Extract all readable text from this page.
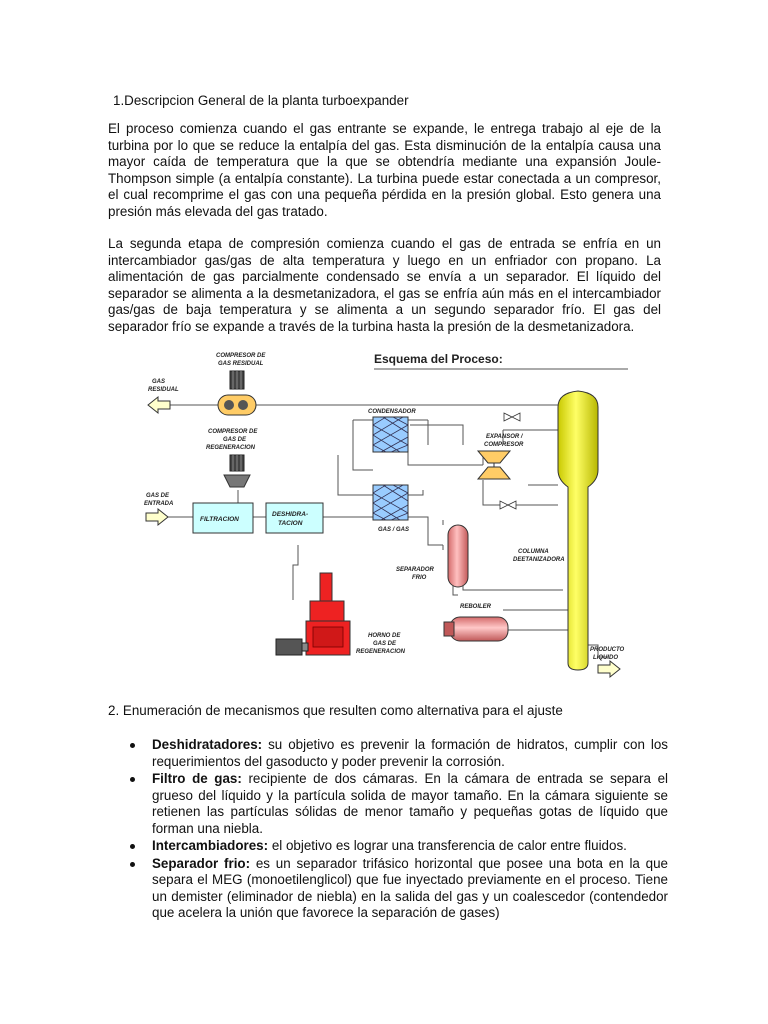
1.Descripcion General de la planta turboexpander
El proceso comienza cuando el gas entrante se expande, le entrega trabajo al eje de la turbina por lo que se reduce la entalpía del gas. Esta disminución de la entalpía causa una mayor caída de temperatura que la que se obtendría mediante una expansión Joule-Thompson simple (a entalpía constante). La turbina puede estar conectada a un compresor, el cual recomprime el gas con una pequeña pérdida en la presión global. Esto genera una presión más elevada del gas tratado.
La segunda etapa de compresión comienza cuando el gas de entrada se enfría en un intercambiador gas/gas de alta temperatura y luego en un enfriador con propano. La alimentación de gas parcialmente condensado se envía a un separador. El líquido del separador se alimenta a la desmetanizadora, el gas se enfría aún más en el intercambiador gas/gas de baja temperatura y se alimenta a un segundo separador frío. El gas del separador frío se expande a través de la turbina hasta la presión de la desmetanizadora.
Esquema del Proceso:
GAS
RESIDUAL
COMPRESOR DE
GAS RESIDUAL
COMPRESOR DE
GAS DE
REGENERACION
GAS DE
ENTRADA
FILTRACION
DESHIDRA-
TACION
CONDENSADOR
GAS / GAS
EXPANSOR /
COMPRESOR
SEPARADOR
FRIO
COLUMNA
DEETANIZADORA
REBOILER
HORNO DE
GAS DE
REGENERACION	PRODUCTO
LIQUIDO
2. Enumeración de mecanismos que resulten como alternativa para el ajuste
Deshidratadores: su objetivo es prevenir la formación de hidratos, cumplir con los requerimientos del gasoducto y poder prevenir la corrosión.
Filtro de gas: recipiente de dos cámaras. En la cámara de entrada se separa el grueso del líquido y la partícula solida de mayor tamaño. En la cámara siguiente se retienen las partículas sólidas de menor tamaño y pequeñas gotas de líquido que forman una niebla.
Intercambiadores: el objetivo es lograr una transferencia de calor entre fluidos.
Separador frio: es un separador trifásico horizontal que posee una bota en la que separa el MEG (monoetilenglicol) que fue inyectado previamente en el proceso. Tiene un demister (eliminador de niebla) en la salida del gas y un coalescedor (contendedor que acelera la unión que favorece la separación de gases)
